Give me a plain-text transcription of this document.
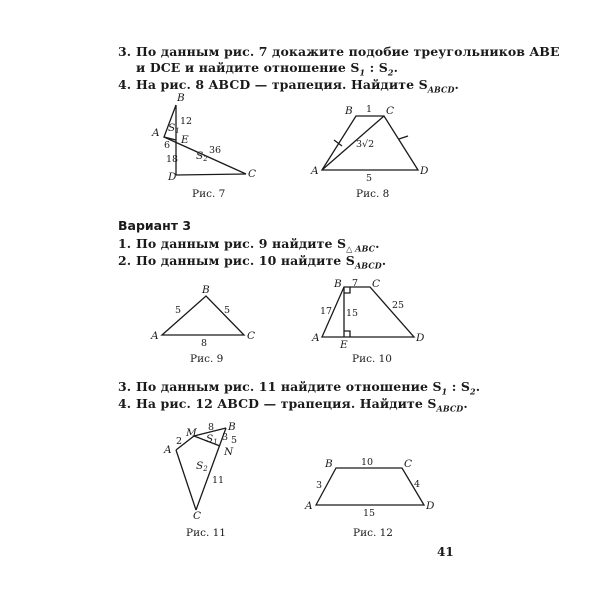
3. По данным рис. 7 докажите подобие треугольников ABE
и DCE и найдите отношение $S_1$ : $S_2$.
4. На рис. 8 ABCD — трапеция. Найдите $S_{ABCD}$.
Вариант 3
1. По данным рис. 9 найдите $S_{\triangle ABC}$.
2. По данным рис. 10 найдите $S_{ABCD}$.
3. По данным рис. 11 найдите отношение $S_1$ : $S_2$.
4. На рис. 12 ABCD — трапеция. Найдите $S_{ABCD}$.
B
A
E
D	C
S1
S2
12
6
18
36
Рис. 7
B	C
A	D
1
5
3√2
Рис. 8
B
A	C
5	5
8
Рис. 9
B	C
A	D
E
7
17 15
25
Рис. 10
A
M	B
N
C
2
8
3 5
11
S1
S2
Рис. 11
B	C
A	D
10
3	4
15
Рис. 12
41
